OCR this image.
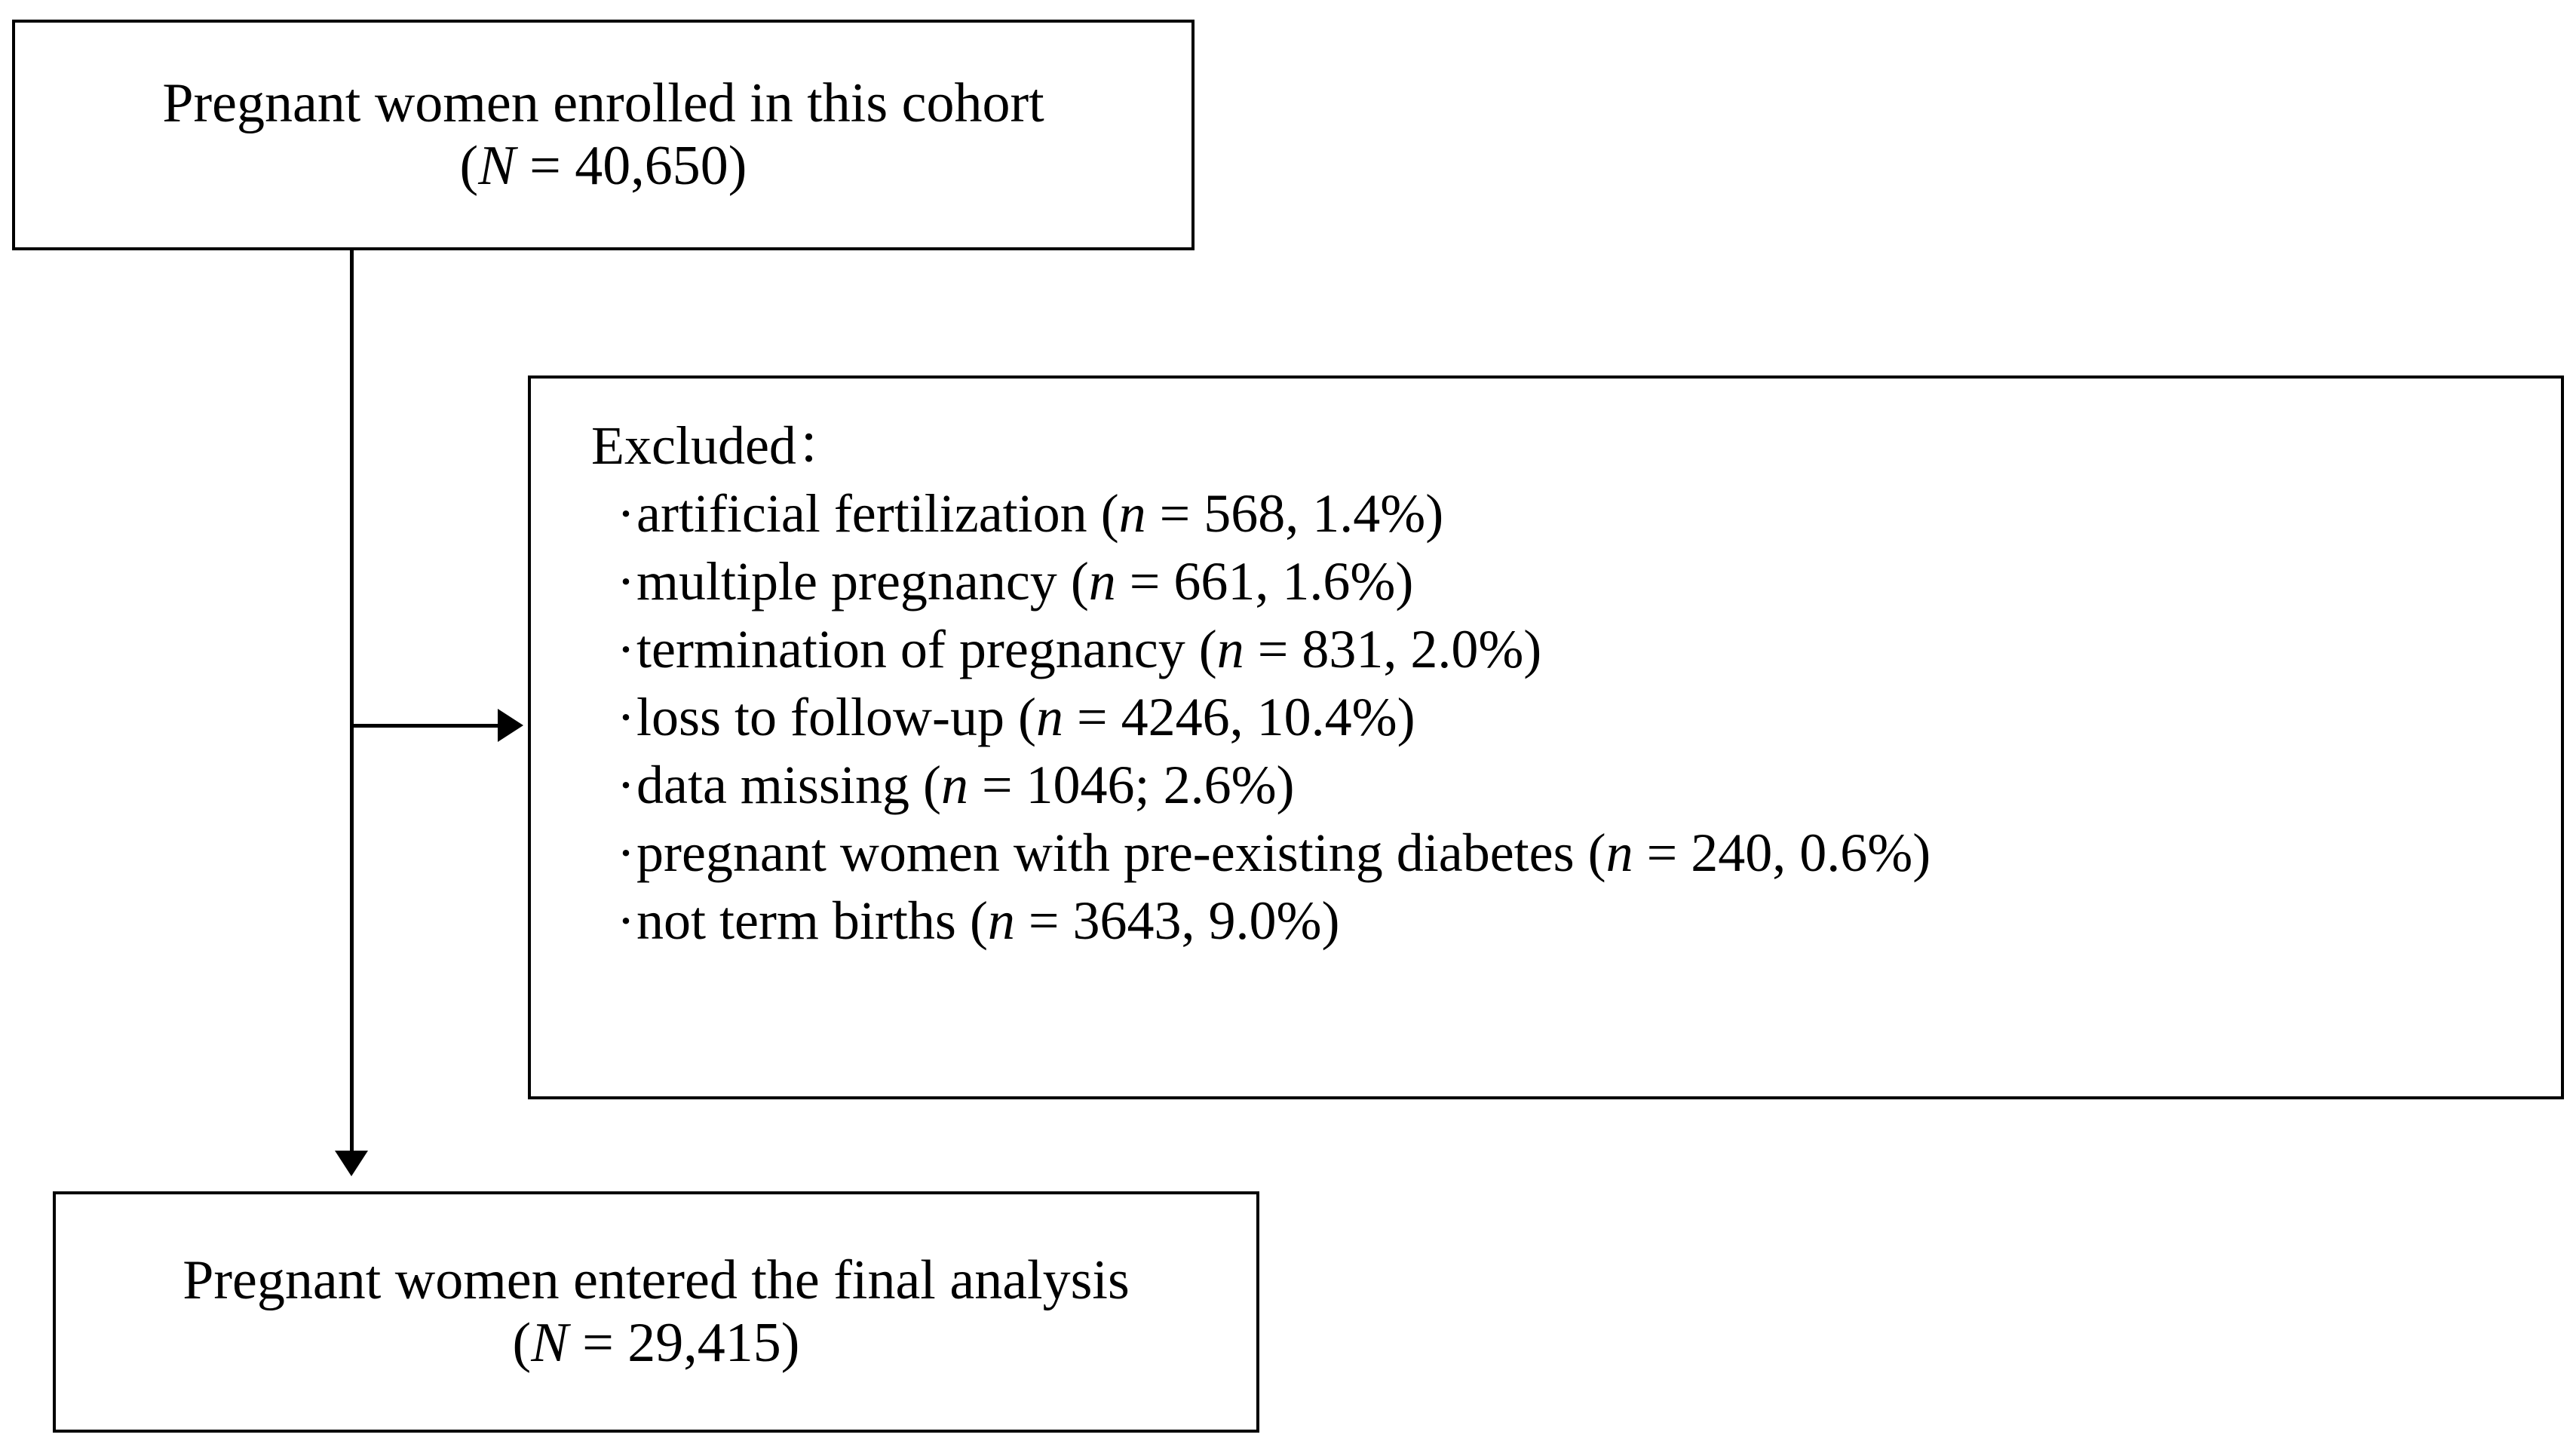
Pregnant women enrolled in this cohort
(N = 40,650)
Excluded：
· artificial fertilization (n = 568, 1.4%)
· multiple pregnancy (n = 661, 1.6%)
· termination of pregnancy (n = 831, 2.0%)
· loss to follow-up (n = 4246, 10.4%)
· data missing (n = 1046; 2.6%)
· pregnant women with pre-existing diabetes (n = 240, 0.6%)
· not term births (n = 3643, 9.0%)
Pregnant women entered the final analysis
(N = 29,415)
